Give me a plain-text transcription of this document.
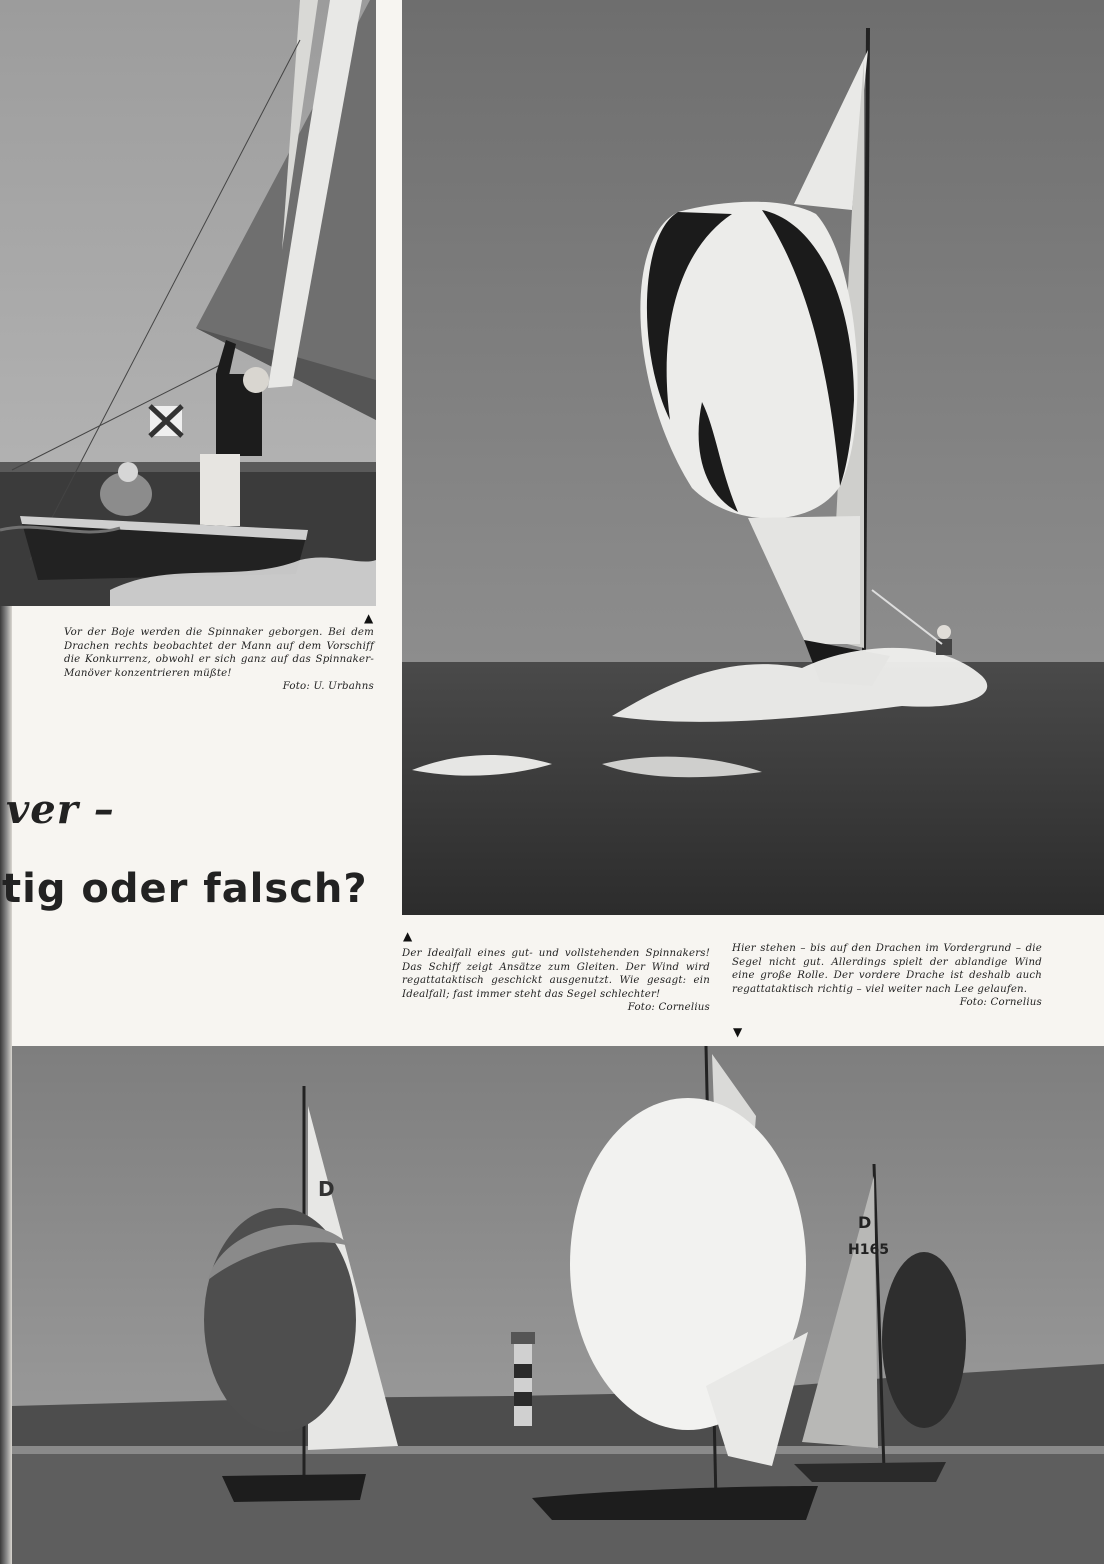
D
D
H165
▲

Vor der Boje werden die Spinnaker geborgen. Bei dem Drachen rechts beobachtet der Mann auf dem Vorschiff die Konkurrenz, obwohl er sich ganz auf das Spinnaker-Manöver konzentrieren müßte!

Foto: U. Urbahns
▲

Der Idealfall eines gut- und vollstehenden Spinnakers! Das Schiff zeigt Ansätze zum Gleiten. Der Wind wird regattataktisch geschickt ausgenutzt. Wie gesagt: ein Idealfall; fast immer steht das Segel schlechter!

Foto: Cornelius

Hier stehen – bis auf den Drachen im Vordergrund – die Segel nicht gut. Allerdings spielt der ablandige Wind eine große Rolle. Der vordere Drache ist deshalb auch regattataktisch richtig – viel weiter nach Lee gelaufen.

Foto: Cornelius
▼
ver –
tig oder falsch?
